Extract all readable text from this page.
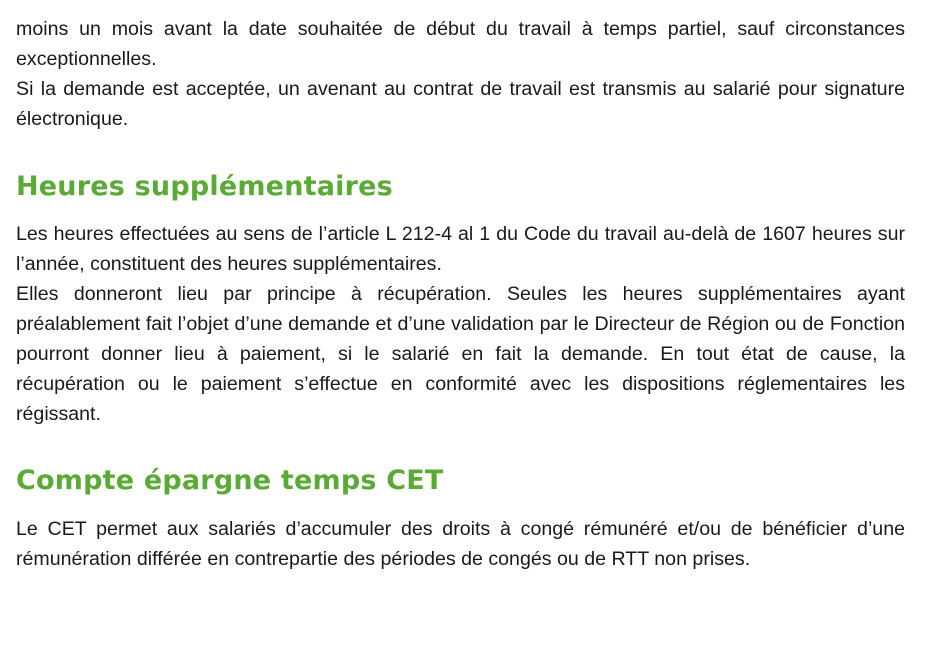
moins un mois avant la date souhaitée de début du travail à temps partiel, sauf circonstances exceptionnelles.

Si la demande est acceptée, un avenant au contrat de travail est transmis au salarié pour signature électronique.

Heures supplémentaires

Les heures effectuées au sens de l’article L 212-4 al 1 du Code du travail au-delà de 1607 heures sur l’année, constituent des heures supplémentaires.

Elles donneront lieu par principe à récupération. Seules les heures supplémentaires ayant préalablement fait l’objet d’une demande et d’une validation par le Directeur de Région ou de Fonction pourront donner lieu à paiement, si le salarié en fait la demande. En tout état de cause, la récupération ou le paiement s’effectue en conformité avec les dispositions réglementaires les régissant.

Compte épargne temps CET

Le CET permet aux salariés d’accumuler des droits à congé rémunéré et/ou de bénéficier d’une rémunération différée en contrepartie des périodes de congés ou de RTT non prises.
